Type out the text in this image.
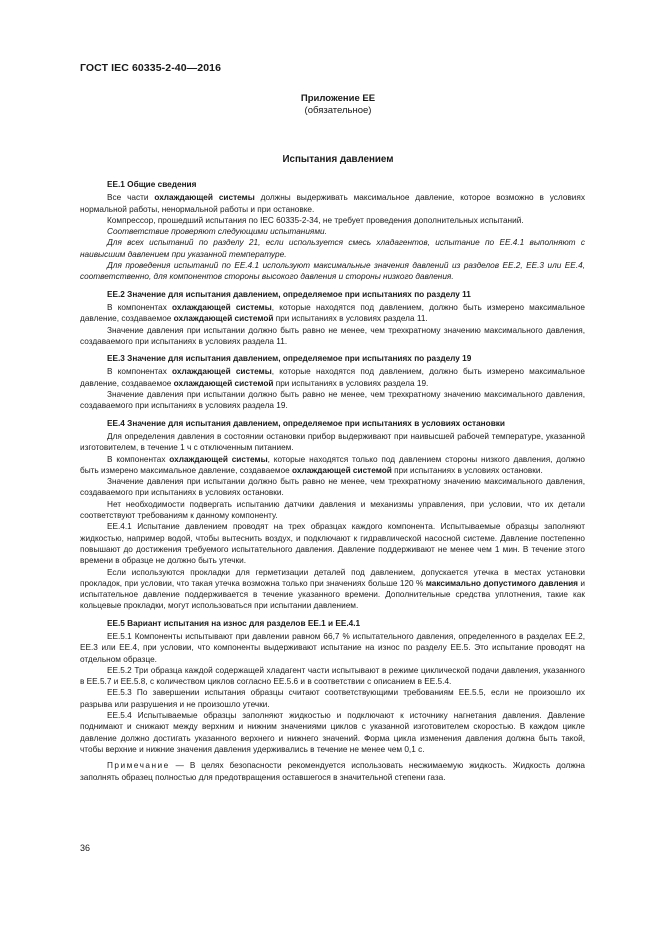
ГОСТ IEC 60335-2-40—2016
Приложение ЕЕ
(обязательное)
Испытания давлением

ЕЕ.1 Общие сведения

Все части охлаждающей системы должны выдерживать максимальное давление, которое возможно в условиях нормальной работы, ненормальной работы и при остановке.

Компрессор, прошедший испытания по IEC 60335-2-34, не требует проведения дополнительных испытаний.

Соответствие проверяют следующими испытаниями.

Для всех испытаний по разделу 21, если используется смесь хладагентов, испытание по ЕЕ.4.1 выполняют с наивысшим давлением при указанной температуре.

Для проведения испытаний по ЕЕ.4.1 используют максимальные значения давлений из разделов ЕЕ.2, ЕЕ.3 или ЕЕ.4, соответственно, для компонентов стороны высокого давления и стороны низкого давления.

ЕЕ.2 Значение для испытания давлением, определяемое при испытаниях по разделу 11

В компонентах охлаждающей системы, которые находятся под давлением, должно быть измерено максимальное давление, создаваемое охлаждающей системой при испытаниях в условиях раздела 11.

Значение давления при испытании должно быть равно не менее, чем трехкратному значению максимального давления, создаваемого при испытаниях в условиях раздела 11.

ЕЕ.3 Значение для испытания давлением, определяемое при испытаниях по разделу 19

В компонентах охлаждающей системы, которые находятся под давлением, должно быть измерено максимальное давление, создаваемое охлаждающей системой при испытаниях в условиях раздела 19.

Значение давления при испытании должно быть равно не менее, чем трехкратному значению максимального давления, создаваемого при испытаниях в условиях раздела 19.

ЕЕ.4 Значение для испытания давлением, определяемое при испытаниях в условиях остановки

Для определения давления в состоянии остановки прибор выдерживают при наивысшей рабочей температуре, указанной изготовителем, в течение 1 ч с отключенным питанием.

В компонентах охлаждающей системы, которые находятся только под давлением стороны низкого давления, должно быть измерено максимальное давление, создаваемое охлаждающей системой при испытаниях в условиях остановки.

Значение давления при испытании должно быть равно не менее, чем трехкратному значению максимального давления, создаваемого при испытаниях в условиях остановки.

Нет необходимости подвергать испытанию датчики давления и механизмы управления, при условии, что их детали соответствуют требованиям к данному компоненту.

ЕЕ.4.1 Испытание давлением проводят на трех образцах каждого компонента. Испытываемые образцы заполняют жидкостью, например водой, чтобы вытеснить воздух, и подключают к гидравлической насосной системе. Давление постепенно повышают до достижения требуемого испытательного давления. Давление поддерживают не менее чем 1 мин. В течение этого времени в образце не должно быть утечки.

Если используются прокладки для герметизации деталей под давлением, допускается утечка в местах установки прокладок, при условии, что такая утечка возможна только при значениях больше 120 % максимально допустимого давления и испытательное давление поддерживается в течение указанного времени. Дополнительные средства уплотнения, такие как кольцевые прокладки, могут использоваться при испытании давлением.

ЕЕ.5 Вариант испытания на износ для разделов ЕЕ.1 и ЕЕ.4.1

ЕЕ.5.1 Компоненты испытывают при давлении равном 66,7 % испытательного давления, определенного в разделах ЕЕ.2, ЕЕ.3 или ЕЕ.4, при условии, что компоненты выдерживают испытание на износ по разделу ЕЕ.5. Это испытание проводят на отдельном образце.

ЕЕ.5.2 Три образца каждой содержащей хладагент части испытывают в режиме циклической подачи давления, указанного в ЕЕ.5.7 и ЕЕ.5.8, с количеством циклов согласно ЕЕ.5.6 и в соответствии с описанием в ЕЕ.5.4.

ЕЕ.5.3 По завершении испытания образцы считают соответствующими требованиям ЕЕ.5.5, если не произошло их разрыва или разрушения и не произошло утечки.

ЕЕ.5.4 Испытываемые образцы заполняют жидкостью и подключают к источнику нагнетания давления. Давление поднимают и снижают между верхним и нижним значениями циклов с указанной изготовителем скоростью. В каждом цикле давление должно достигать указанного верхнего и нижнего значений. Форма цикла изменения давления должна быть такой, чтобы верхние и нижние значения давления удерживались в течение не менее чем 0,1 с.

Примечание — В целях безопасности рекомендуется использовать несжимаемую жидкость. Жидкость должна заполнять образец полностью для предотвращения оставшегося в значительной степени газа.

36
